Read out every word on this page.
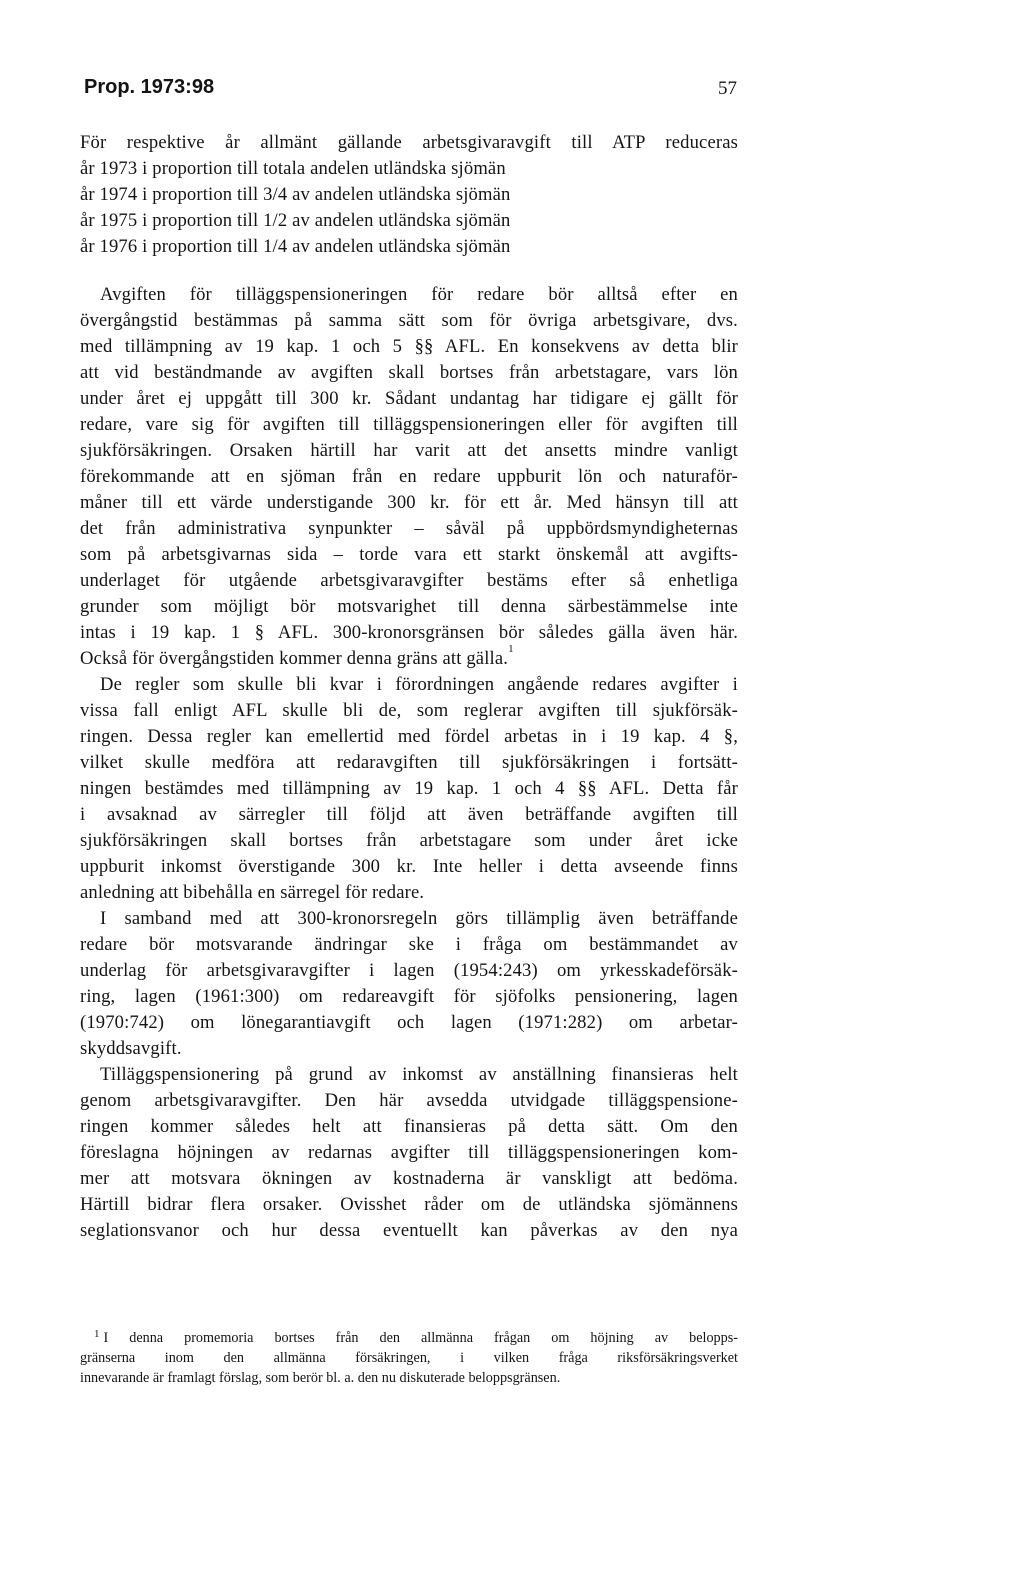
Prop. 1973:98	57
För respektive år allmänt gällande arbetsgivaravgift till ATP reduceras
år 1973 i proportion till totala andelen utländska sjömän
år 1974 i proportion till 3/4 av andelen utländska sjömän
år 1975 i proportion till 1/2 av andelen utländska sjömän
år 1976 i proportion till 1/4 av andelen utländska sjömän
Avgiften för tilläggspensioneringen för redare bör alltså efter en
övergångstid bestämmas på samma sätt som för övriga arbetsgivare, dvs.
med tillämpning av 19 kap. 1 och 5 §§ AFL. En konsekvens av detta blir
att vid beständmande av avgiften skall bortses från arbetstagare, vars lön
under året ej uppgått till 300 kr. Sådant undantag har tidigare ej gällt för
redare, vare sig för avgiften till tilläggspensioneringen eller för avgiften till
sjukförsäkringen. Orsaken härtill har varit att det ansetts mindre vanligt
förekommande att en sjöman från en redare uppburit lön och naturaför-
måner till ett värde understigande 300 kr. för ett år. Med hänsyn till att
det från administrativa synpunkter – såväl på uppbördsmyndigheternas
som på arbetsgivarnas sida – torde vara ett starkt önskemål att avgifts-
underlaget för utgående arbetsgivaravgifter bestäms efter så enhetliga
grunder som möjligt bör motsvarighet till denna särbestämmelse inte
intas i 19 kap. 1 § AFL. 300-kronorsgränsen bör således gälla även här.
Också för övergångstiden kommer denna gräns att gälla.$^1$
De regler som skulle bli kvar i förordningen angående redares avgifter i
vissa fall enligt AFL skulle bli de, som reglerar avgiften till sjukförsäk-
ringen. Dessa regler kan emellertid med fördel arbetas in i 19 kap. 4 §,
vilket skulle medföra att redaravgiften till sjukförsäkringen i fortsätt-
ningen bestämdes med tillämpning av 19 kap. 1 och 4 §§ AFL. Detta får
i avsaknad av särregler till följd att även beträffande avgiften till
sjukförsäkringen skall bortses från arbetstagare som under året icke
uppburit inkomst överstigande 300 kr. Inte heller i detta avseende finns
anledning att bibehålla en särregel för redare.
I samband med att 300-kronorsregeln görs tillämplig även beträffande
redare bör motsvarande ändringar ske i fråga om bestämmandet av
underlag för arbetsgivaravgifter i lagen (1954:243) om yrkesskadeförsäk-
ring, lagen (1961:300) om redareavgift för sjöfolks pensionering, lagen
(1970:742) om lönegarantiavgift och lagen (1971:282) om arbetar-
skyddsavgift.
Tilläggspensionering på grund av inkomst av anställning finansieras helt
genom arbetsgivaravgifter. Den här avsedda utvidgade tilläggspensione-
ringen kommer således helt att finansieras på detta sätt. Om den
föreslagna höjningen av redarnas avgifter till tilläggspensioneringen kom-
mer att motsvara ökningen av kostnaderna är vanskligt att bedöma.
Härtill bidrar flera orsaker. Ovisshet råder om de utländska sjömännens
seglationsvanor och hur dessa eventuellt kan påverkas av den nya
$^1$ I denna promemoria bortses från den allmänna frågan om höjning av belopps-
gränserna inom den allmänna försäkringen, i vilken fråga riksförsäkringsverket
innevarande är framlagt förslag, som berör bl. a. den nu diskuterade beloppsgränsen.
